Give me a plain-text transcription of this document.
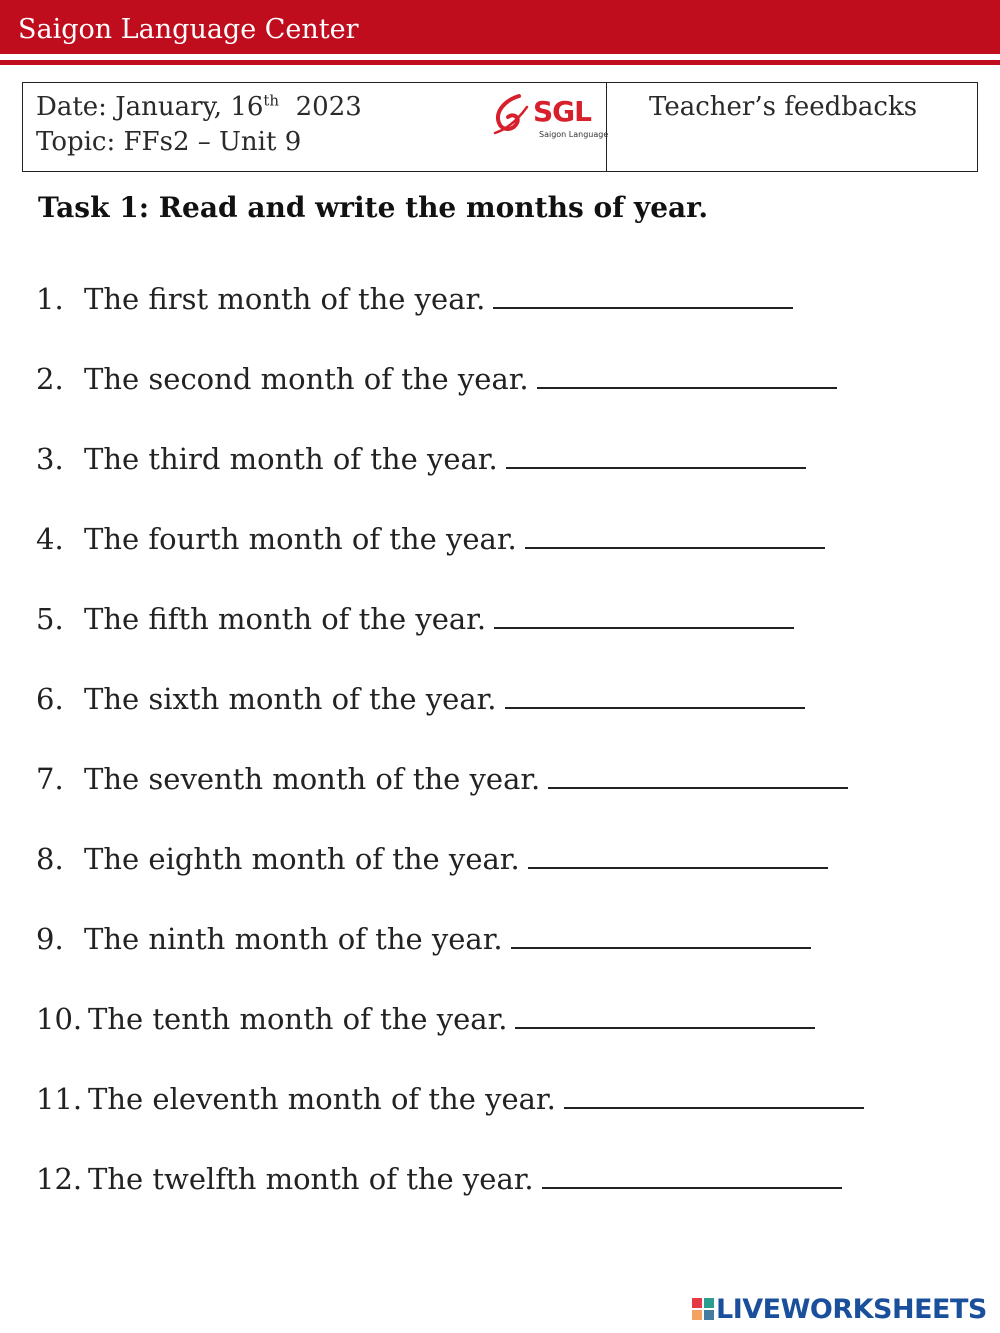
Saigon Language Center
Date: January, 16th 2023
Topic: FFs2 – Unit 9
SGL
Saigon Language
Teacher’s feedbacks
Task 1: Read and write the months of year.
1. The first month of the year.
2. The second month of the year.
3. The third month of the year.
4. The fourth month of the year.
5. The fifth month of the year.
6. The sixth month of the year.
7. The seventh month of the year.
8. The eighth month of the year.
9. The ninth month of the year.
10. The tenth month of the year.
11. The eleventh month of the year.
12. The twelfth month of the year.
LIVEWORKSHEETS
